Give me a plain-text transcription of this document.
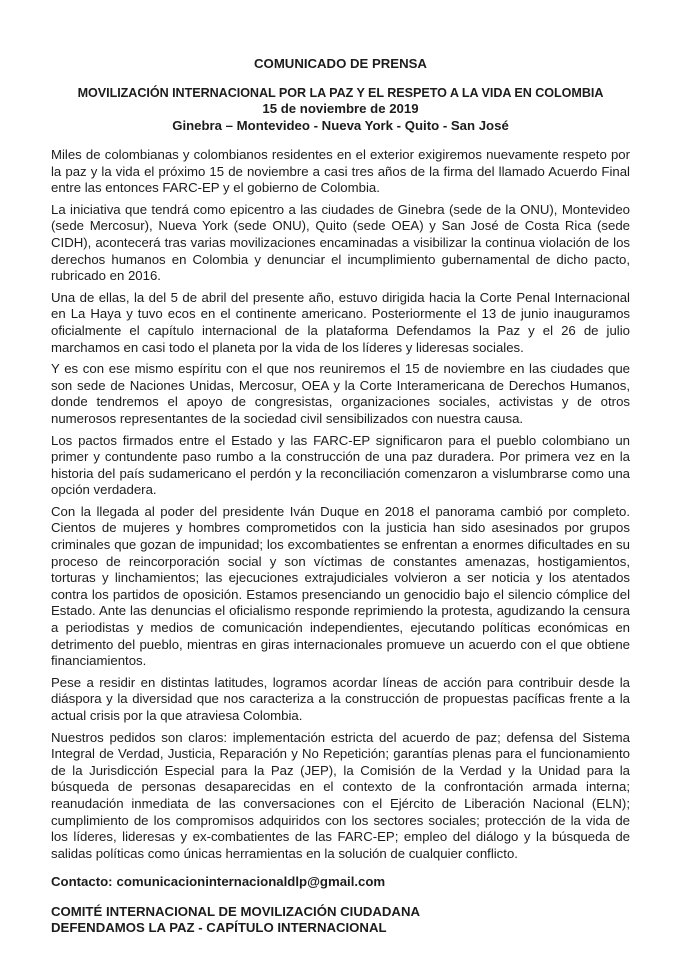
COMUNICADO DE PRENSA

MOVILIZACIÓN INTERNACIONAL POR LA PAZ Y EL RESPETO A LA VIDA EN COLOMBIA

15 de noviembre de 2019

Ginebra – Montevideo - Nueva York - Quito - San José

Miles de colombianas y colombianos residentes en el exterior exigiremos nuevamente respeto por la paz y la vida el próximo 15 de noviembre a casi tres años de la firma del llamado Acuerdo Final entre las entonces FARC-EP y el gobierno de Colombia.

La iniciativa que tendrá como epicentro a las ciudades de Ginebra (sede de la ONU), Montevideo (sede Mercosur), Nueva York (sede ONU), Quito (sede OEA) y San José de Costa Rica (sede CIDH), acontecerá tras varias movilizaciones encaminadas a visibilizar la continua violación de los derechos humanos en Colombia y denunciar el incumplimiento gubernamental de dicho pacto, rubricado en 2016.

Una de ellas, la del 5 de abril del presente año, estuvo dirigida hacia la Corte Penal Internacional en La Haya y tuvo ecos en el continente americano. Posteriormente el 13 de junio inauguramos oficialmente el capítulo internacional de la plataforma Defendamos la Paz y el 26 de julio marchamos en casi todo el planeta por la vida de los líderes y lideresas sociales.

Y es con ese mismo espíritu con el que nos reuniremos el 15 de noviembre en las ciudades que son sede de Naciones Unidas, Mercosur, OEA y la Corte Interamericana de Derechos Humanos, donde tendremos el apoyo de congresistas, organizaciones sociales, activistas y de otros numerosos representantes de la sociedad civil sensibilizados con nuestra causa.

Los pactos firmados entre el Estado y las FARC-EP significaron para el pueblo colombiano un primer y contundente paso rumbo a la construcción de una paz duradera. Por primera vez en la historia del país sudamericano el perdón y la reconciliación comenzaron a vislumbrarse como una opción verdadera.

Con la llegada al poder del presidente Iván Duque en 2018 el panorama cambió por completo. Cientos de mujeres y hombres comprometidos con la justicia han sido asesinados por grupos criminales que gozan de impunidad; los excombatientes se enfrentan a enormes dificultades en su proceso de reincorporación social y son víctimas de constantes amenazas, hostigamientos, torturas y linchamientos; las ejecuciones extrajudiciales volvieron a ser noticia y los atentados contra los partidos de oposición. Estamos presenciando un genocidio bajo el silencio cómplice del Estado. Ante las denuncias el oficialismo responde reprimiendo la protesta, agudizando la censura a periodistas y medios de comunicación independientes, ejecutando políticas económicas en detrimento del pueblo, mientras en giras internacionales promueve un acuerdo con el que obtiene financiamientos.

Pese a residir en distintas latitudes, logramos acordar líneas de acción para contribuir desde la diáspora y la diversidad que nos caracteriza a la construcción de propuestas pacíficas frente a la actual crisis por la que atraviesa Colombia.

Nuestros pedidos son claros: implementación estricta del acuerdo de paz; defensa del Sistema Integral de Verdad, Justicia, Reparación y No Repetición; garantías plenas para el funcionamiento de la Jurisdicción Especial para la Paz (JEP), la Comisión de la Verdad y la Unidad para la búsqueda de personas desaparecidas en el contexto de la confrontación armada interna; reanudación inmediata de las conversaciones con el Ejército de Liberación Nacional (ELN); cumplimiento de los compromisos adquiridos con los sectores sociales; protección de la vida de los líderes, lideresas y ex-combatientes de las FARC-EP; empleo del diálogo y la búsqueda de salidas políticas como únicas herramientas en la solución de cualquier conflicto.

Contacto: comunicacioninternacionaldlp@gmail.com

COMITÉ INTERNACIONAL DE MOVILIZACIÓN CIUDADANA
DEFENDAMOS LA PAZ - CAPÍTULO INTERNACIONAL
